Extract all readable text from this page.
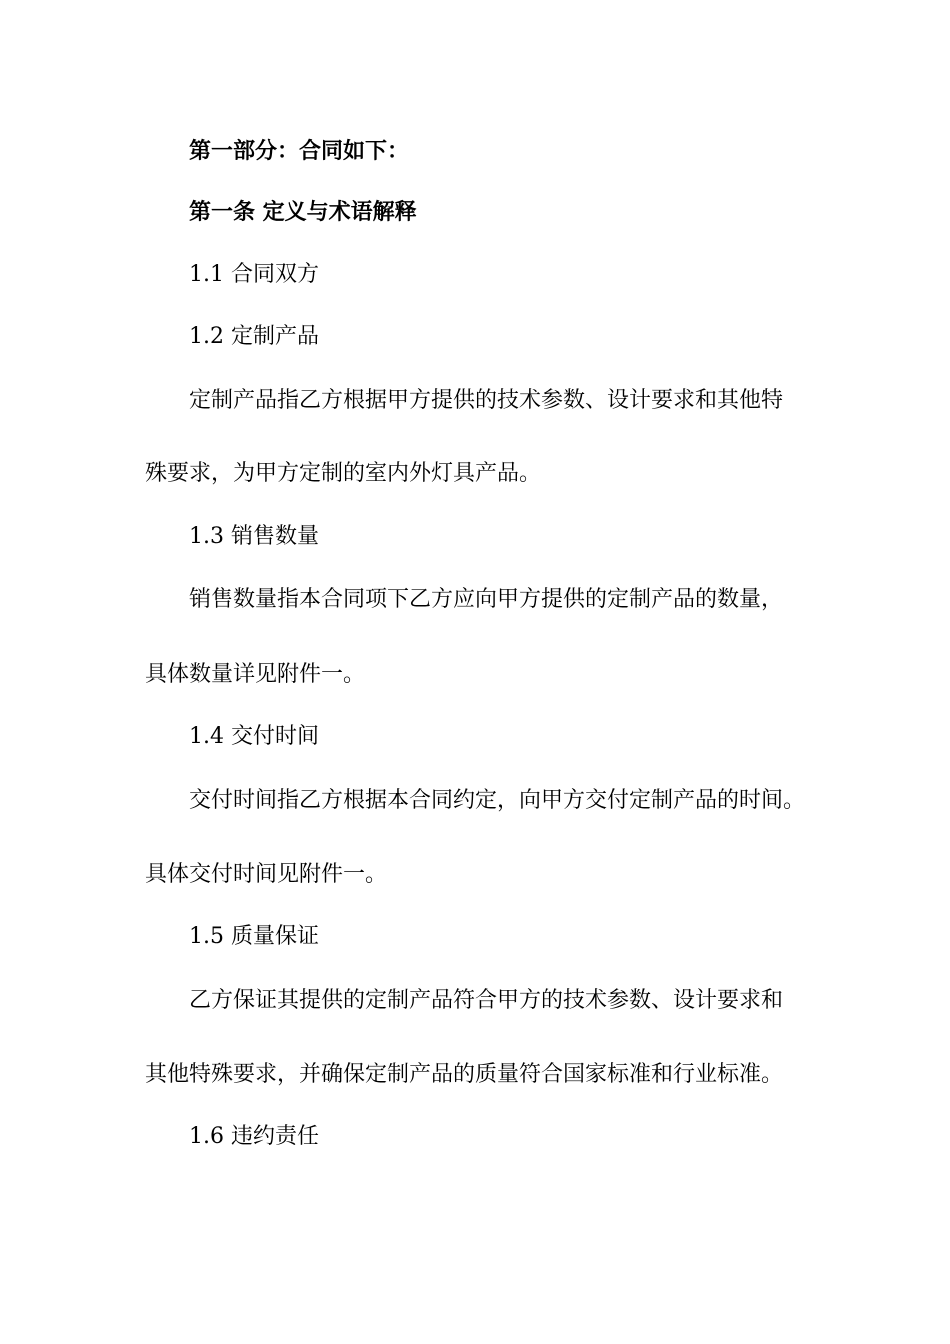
第一部分：合同如下：
第一条 定义与术语解释
1.1 合同双方
1.2 定制产品
定制产品指乙方根据甲方提供的技术参数、设计要求和其他特
殊要求，为甲方定制的室内外灯具产品。
1.3 销售数量
销售数量指本合同项下乙方应向甲方提供的定制产品的数量，
具体数量详见附件一。
1.4 交付时间
交付时间指乙方根据本合同约定，向甲方交付定制产品的时间。
具体交付时间见附件一。
1.5 质量保证
乙方保证其提供的定制产品符合甲方的技术参数、设计要求和
其他特殊要求，并确保定制产品的质量符合国家标准和行业标准。
1.6 违约责任
